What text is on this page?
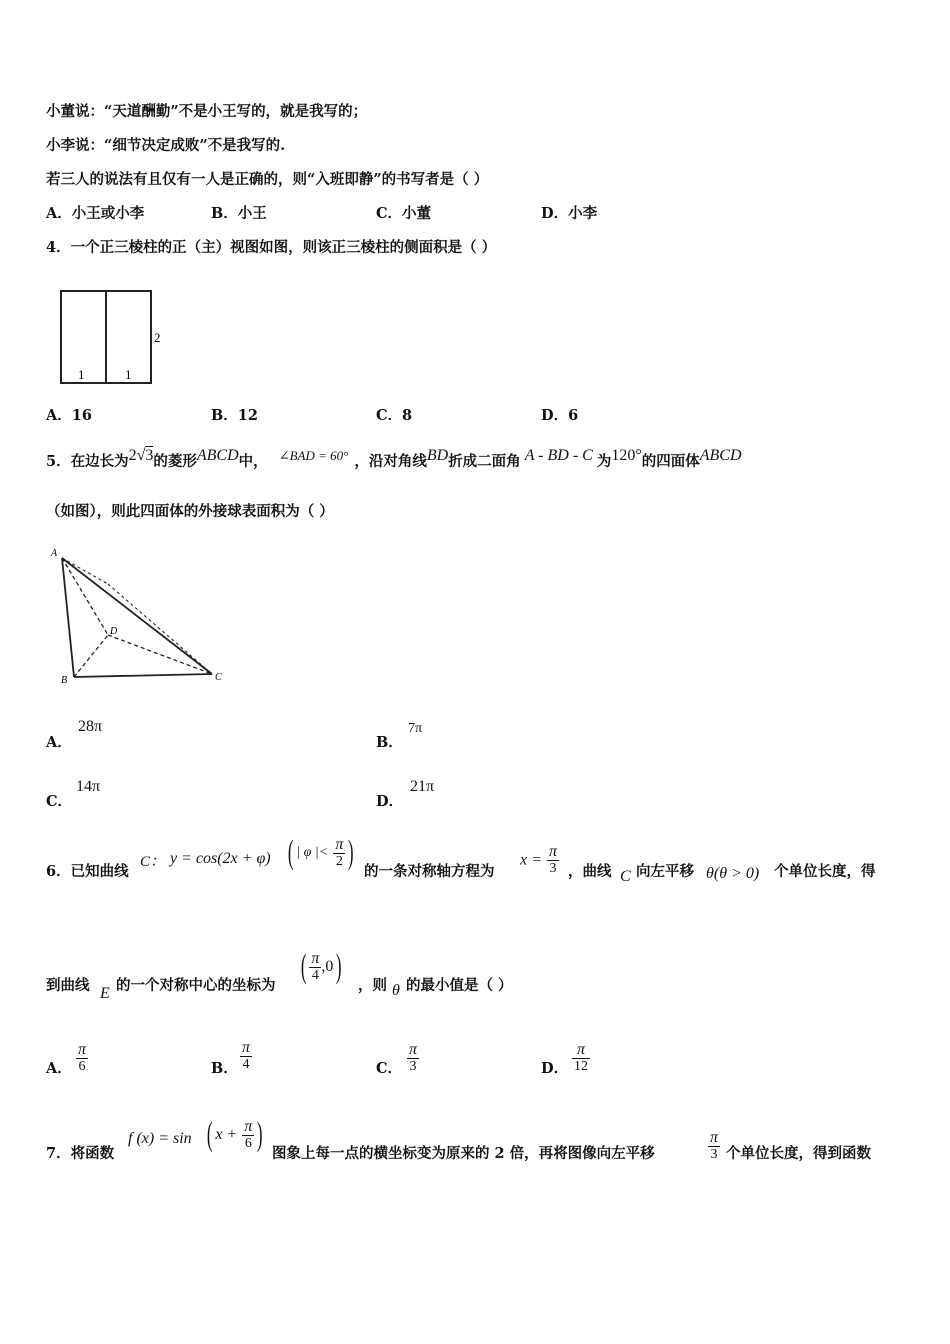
小董说：“天道酬勤”不是小王写的，就是我写的；
小李说：“细节决定成败”不是我写的.
若三人的说法有且仅有一人是正确的，则“入班即静”的书写者是（ ）
A．小王或小李	B．小王	C．小董	D．小李
4．一个正三棱柱的正（主）视图如图，则该正三棱柱的侧面积是（ ）
2
1	1
A．16	B．12	C．8	D．6
5．在边长为2√3的菱形ABCD中， ∠BAD = 60° ，沿对角线BD折成二面角 A - BD - C 为120°的四面体ABCD
（如图），则此四面体的外接球表面积为（ ）
A
B	C
D
A．
28π
B．
7π
C．
14π
D．
21π
6．已知曲线
C： y = cos(2x + φ) ( | φ |< $\frac{\pi}{2}$ )
的一条对称轴方程为
$x = \frac{\pi}{3}$ ，曲线 C 向左平移 θ(θ > 0) 个单位长度，得
到曲线 E 的一个对称中心的坐标为
( $\frac{\pi}{4} ,0$)
，则 θ 的最小值是（ ）
A． $\frac{\pi}{6}$	B． $\frac{\pi}{4}$	C． $\frac{\pi}{3}$	D． $\frac{\pi}{12}$
7．将函数
f (x) = sin ( $x + \frac{\pi}{6}$ )
图象上每一点的横坐标变为原来的 2 倍，再将图像向左平移	$\frac{\pi}{3}$ 个单位长度，得到函数
